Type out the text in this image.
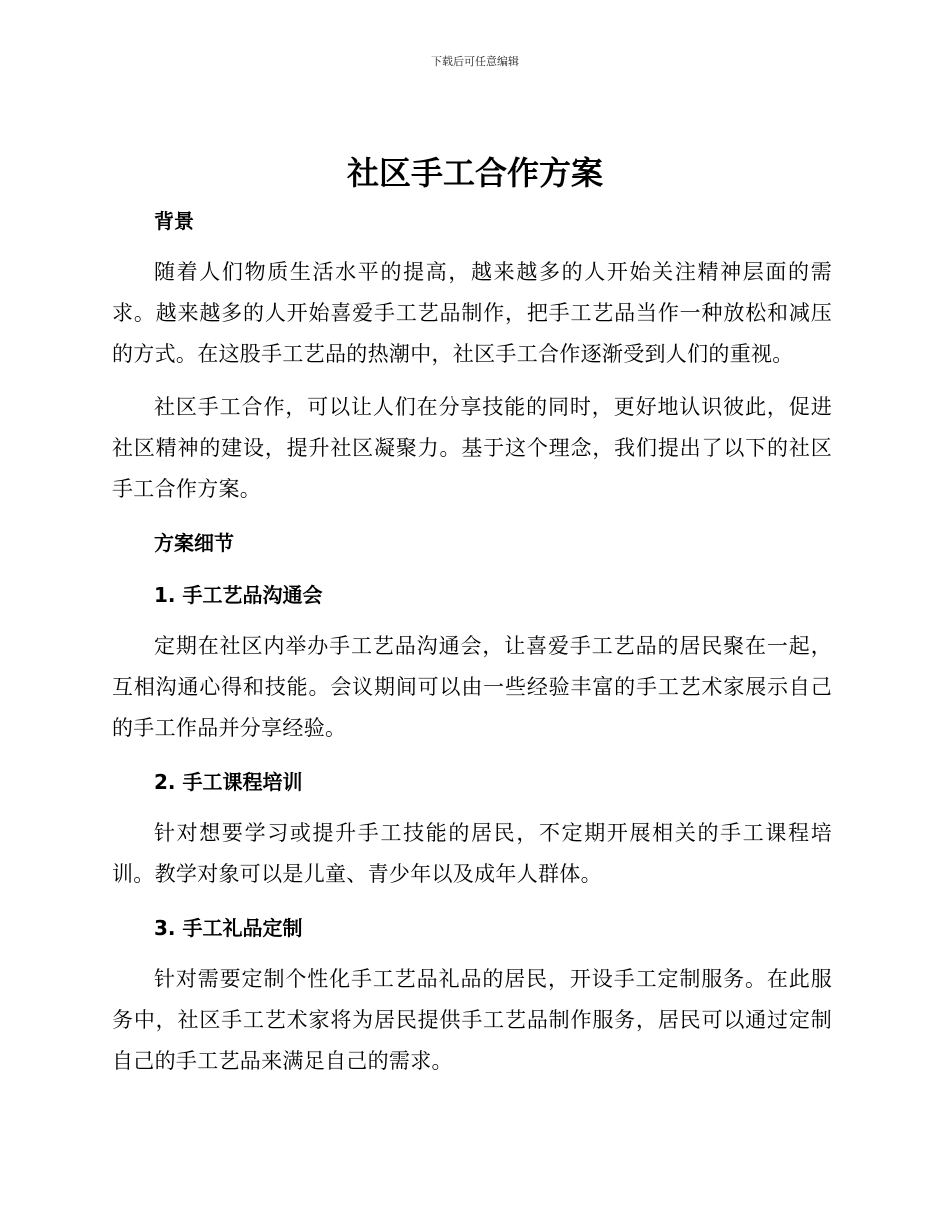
下载后可任意编辑
社区手工合作方案
背景

随着人们物质生活水平的提高，越来越多的人开始关注精神层面的需求。越来越多的人开始喜爱手工艺品制作，把手工艺品当作一种放松和减压的方式。在这股手工艺品的热潮中，社区手工合作逐渐受到人们的重视。

社区手工合作，可以让人们在分享技能的同时，更好地认识彼此，促进社区精神的建设，提升社区凝聚力。基于这个理念，我们提出了以下的社区手工合作方案。

方案细节
1. 手工艺品沟通会

定期在社区内举办手工艺品沟通会，让喜爱手工艺品的居民聚在一起，互相沟通心得和技能。会议期间可以由一些经验丰富的手工艺术家展示自己的手工作品并分享经验。

2. 手工课程培训

针对想要学习或提升手工技能的居民，不定期开展相关的手工课程培训。教学对象可以是儿童、青少年以及成年人群体。

3. 手工礼品定制

针对需要定制个性化手工艺品礼品的居民，开设手工定制服务。在此服务中，社区手工艺术家将为居民提供手工艺品制作服务，居民可以通过定制自己的手工艺品来满足自己的需求。
